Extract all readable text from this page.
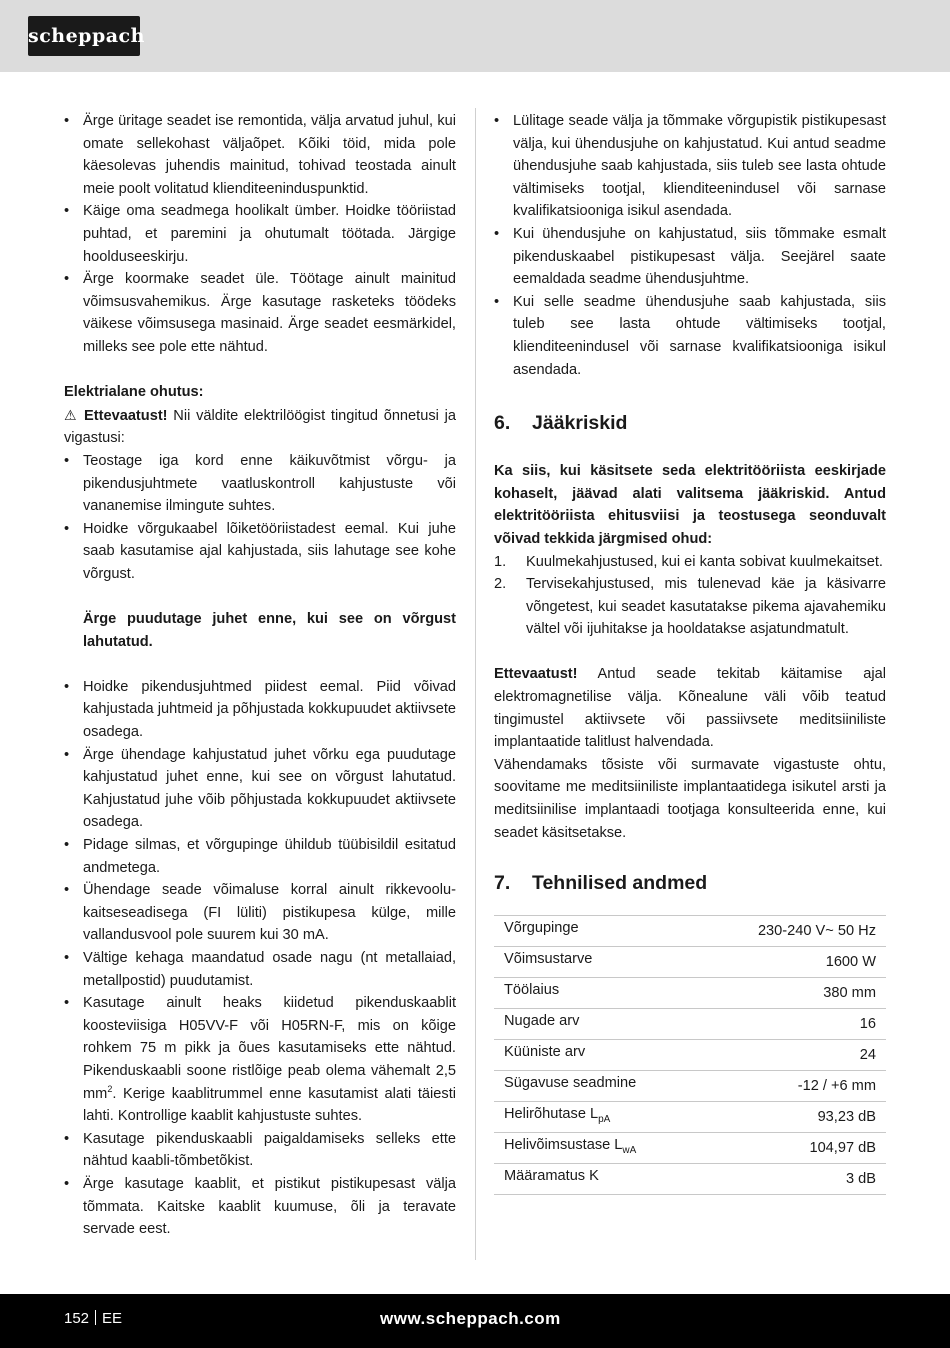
scheppach
• Ärge üritage seadet ise remontida, välja arvatud juhul, kui omate sellekohast väljaõpet. Kõiki töid, mida pole käesolevas juhendis mainitud, tohivad teostada ainult meie poolt volitatud klienditeeninduspunktid.
• Käige oma seadmega hoolikalt ümber. Hoidke tööriistad puhtad, et paremini ja ohutumalt töötada. Järgige hoolduseeskirju.
• Ärge koormake seadet üle. Töötage ainult mainitud võimsusvahemikus. Ärge kasutage rasketeks töödeks väikese võimsusega masinaid. Ärge seadet eesmärkidel, milleks see pole ette nähtud.

Elektrialane ohutus:

⚠ Ettevaatust! Nii väldite elektrilöögist tingitud õnnetusi ja vigastusi:

• Teostage iga kord enne käikuvõtmist võrgu- ja pikendusjuhtmete vaatluskontroll kahjustuste või vananemise ilmingute suhtes.
• Hoidke võrgukaabel lõiketööriistadest eemal. Kui juhe saab kasutamise ajal kahjustada, siis lahutage see kohe võrgust.

Ärge puudutage juhet enne, kui see on võrgust lahutatud.

• Hoidke pikendusjuhtmed piidest eemal. Piid võivad kahjustada juhtmeid ja põhjustada kokkupuudet aktiivsete osadega.
• Ärge ühendage kahjustatud juhet võrku ega puudutage kahjustatud juhet enne, kui see on võrgust lahutatud. Kahjustatud juhe võib põhjustada kokkupuudet aktiivsete osadega.
• Pidage silmas, et võrgupinge ühildub tüübisildil esitatud andmetega.
• Ühendage seade võimaluse korral ainult rikkevoolu-kaitseseadisega (FI lüliti) pistikupesa külge, mille vallandusvool pole suurem kui 30 mA.
• Vältige kehaga maandatud osade nagu (nt metallaiad, metallpostid) puudutamist.
• Kasutage ainult heaks kiidetud pikenduskaablit koosteviisiga H05VV-F või H05RN-F, mis on kõige rohkem 75 m pikk ja õues kasutamiseks ette nähtud. Pikenduskaabli soone ristlõige peab olema vähemalt 2,5 $mm^2$. Kerige kaablitrummel enne kasutamist alati täiesti lahti. Kontrollige kaablit kahjustuste suhtes.
• Kasutage pikenduskaabli paigaldamiseks selleks ette nähtud kaabli-tõmbetõkist.
• Ärge kasutage kaablit, et pistikut pistikupesast välja tõmmata. Kaitske kaablit kuumuse, õli ja teravate servade eest.
• Lülitage seade välja ja tõmmake võrgupistik pistikupesast välja, kui ühendusjuhe on kahjustatud. Kui antud seadme ühendusjuhe saab kahjustada, siis tuleb see lasta ohtude vältimiseks tootjal, klienditeenindusel või sarnase kvalifikatsiooniga isikul asendada.
• Kui ühendusjuhe on kahjustatud, siis tõmmake esmalt pikenduskaabel pistikupesast välja. Seejärel saate eemaldada seadme ühendusjuhtme.
• Kui selle seadme ühendusjuhe saab kahjustada, siis tuleb see lasta ohtude vältimiseks tootjal, klienditeenindusel või sarnase kvalifikatsiooniga isikul asendada.
6. Jääkriskid

Ka siis, kui käsitsete seda elektritööriista eeskirjade kohaselt, jäävad alati valitsema jääkriskid. Antud elektritööriista ehitusviisi ja teostusega seonduvalt võivad tekkida järgmised ohud:

1. Kuulmekahjustused, kui ei kanta sobivat kuulmekaitset.
2. Tervisekahjustused, mis tulenevad käe ja käsivarre võngetest, kui seadet kasutatakse pikema ajavahemiku vältel või ijuhitakse ja hooldatakse asjatundmatult.

Ettevaatust! Antud seade tekitab käitamise ajal elektromagnetilise välja. Kõnealune väli võib teatud tingimustel aktiivsete või passiivsete meditsiiniliste implantaatide talitlust halvendada.

Vähendamaks tõsiste või surmavate vigastuste ohtu, soovitame me meditsiiniliste implantaatidega isikutel arsti ja meditsiinilise implantaadi tootjaga konsulteerida enne, kui seadet käsitsetakse.

7. Tehnilised andmed
Võrgupinge	230-240 V~ 50 Hz
Võimsustarve	1600 W
Töölaius	380 mm
Nugade arv	16
Küüniste arv	24
Sügavuse seadmine	-12 / +6 mm
Helirõhutase $L_{pA}$	93,23 dB
Helivõimsustase $L_{wA}$	104,97 dB
Määramatus K	3 dB
152 EE	www.scheppach.com
